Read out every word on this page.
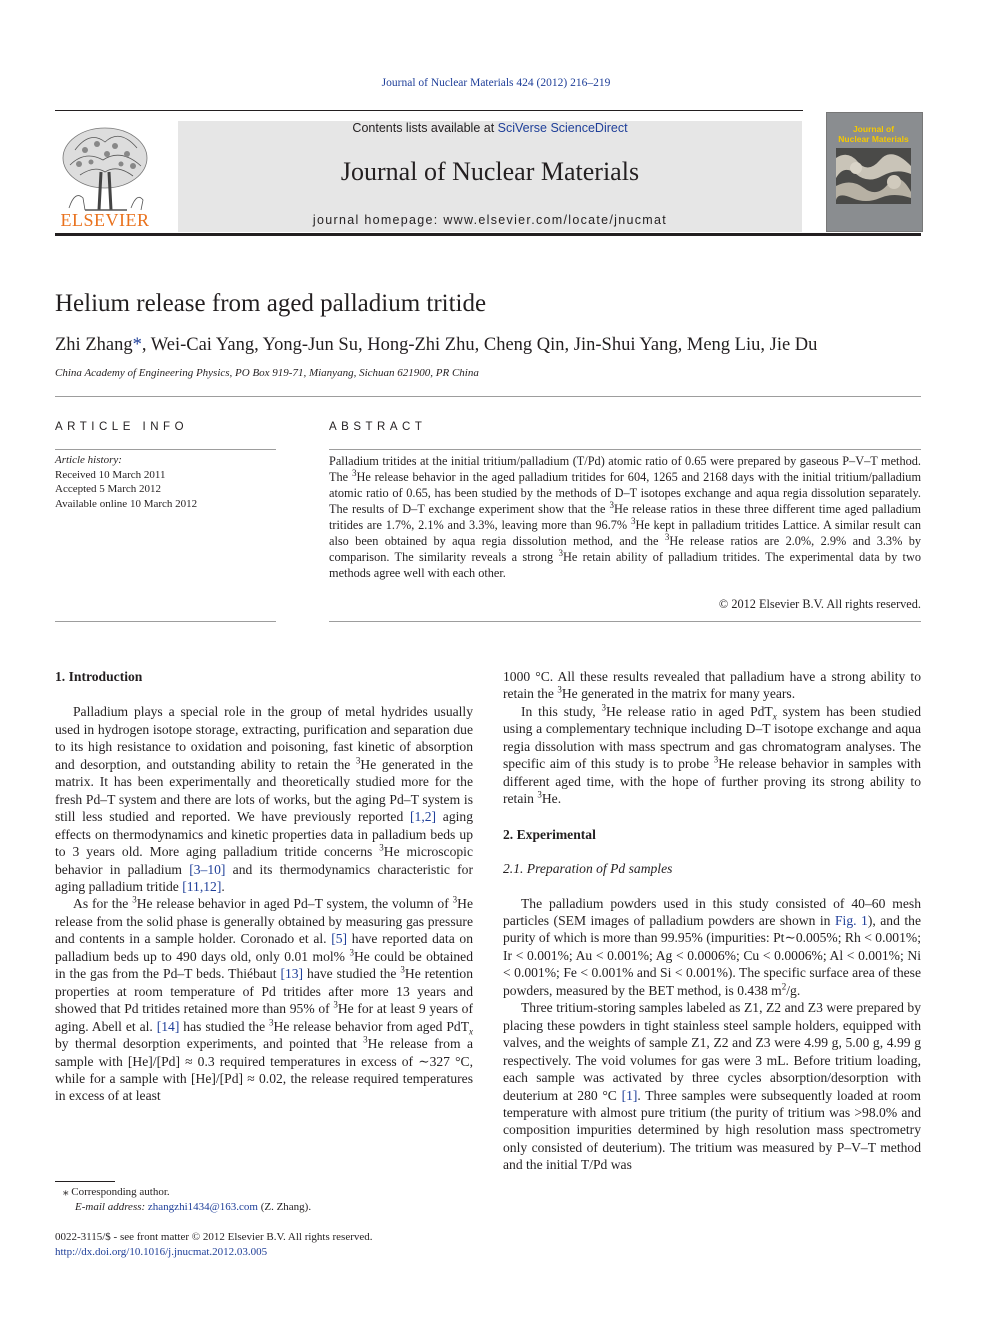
Journal of Nuclear Materials 424 (2012) 216–219
ELSEVIER
Contents lists available at SciVerse ScienceDirect
Journal of Nuclear Materials
journal homepage: www.elsevier.com/locate/jnucmat
Journal of
Nuclear Materials
Helium release from aged palladium tritide
Zhi Zhang*, Wei-Cai Yang, Yong-Jun Su, Hong-Zhi Zhu, Cheng Qin, Jin-Shui Yang, Meng Liu, Jie Du
China Academy of Engineering Physics, PO Box 919-71, Mianyang, Sichuan 621900, PR China
ARTICLE INFO
Article history:
Received 10 March 2011
Accepted 5 March 2012
Available online 10 March 2012
ABSTRACT
Palladium tritides at the initial tritium/palladium (T/Pd) atomic ratio of 0.65 were prepared by gaseous P–V–T method. The $^3$He release behavior in the aged palladium tritides for 604, 1265 and 2168 days with the initial tritium/palladium atomic ratio of 0.65, has been studied by the methods of D–T isotopes exchange and aqua regia dissolution separately. The results of D–T exchange experiment show that the $^3$He release ratios in these three different time aged palladium tritides are 1.7%, 2.1% and 3.3%, leaving more than 96.7% $^3$He kept in palladium tritides Lattice. A similar result can also been obtained by aqua regia dissolution method, and the $^3$He release ratios are 2.0%, 2.9% and 3.3% by comparison. The similarity reveals a strong $^3$He retain ability of palladium tritides. The experimental data by two methods agree well with each other.
© 2012 Elsevier B.V. All rights reserved.
1. Introduction

Palladium plays a special role in the group of metal hydrides usually used in hydrogen isotope storage, extracting, purification and separation due to its high resistance to oxidation and poisoning, fast kinetic of absorption and desorption, and outstanding ability to retain the $^3$He generated in the matrix. It has been experimentally and theoretically studied more for the fresh Pd–T system and there are lots of works, but the aging Pd–T system is still less studied and reported. We have previously reported [1,2] aging effects on thermodynamics and kinetic properties data in palladium beds up to 3 years old. More aging palladium tritide concerns $^3$He microscopic behavior in palladium [3–10] and its thermodynamics characteristic for aging palladium tritide [11,12].

As for the $^3$He release behavior in aged Pd–T system, the volumn of $^3$He release from the solid phase is generally obtained by measuring gas pressure and contents in a sample holder. Coronado et al. [5] have reported data on palladium beds up to 490 days old, only 0.01 mol% $^3$He could be obtained in the gas from the Pd–T beds. Thiébaut [13] have studied the $^3$He retention properties at room temperature of Pd tritides after more 13 years and showed that Pd tritides retained more than 95% of $^3$He for at least 9 years of aging. Abell et al. [14] has studied the $^3$He release behavior from aged PdT$_x$ by thermal desorption experiments, and pointed that $^3$He release from a sample with [He]/[Pd] ≈ 0.3 required temperatures in excess of ∼327 °C, while for a sample with [He]/[Pd] ≈ 0.02, the release required temperatures in excess of at least

1000 °C. All these results revealed that palladium have a strong ability to retain the $^3$He generated in the matrix for many years.

In this study, $^3$He release ratio in aged PdT$_x$ system has been studied using a complementary technique including D–T isotope exchange and aqua regia dissolution with mass spectrum and gas chromatogram analyses. The specific aim of this study is to probe $^3$He release behavior in samples with different aged time, with the hope of further proving its strong ability to retain $^3$He.

2. Experimental
2.1. Preparation of Pd samples

The palladium powders used in this study consisted of 40–60 mesh particles (SEM images of palladium powders are shown in Fig. 1), and the purity of which is more than 99.95% (impurities: Pt∼0.005%; Rh < 0.001%; Ir < 0.001%; Au < 0.001%; Ag < 0.0006%; Cu < 0.0006%; Al < 0.001%; Ni < 0.001%; Fe < 0.001% and Si < 0.001%). The specific surface area of these powders, measured by the BET method, is 0.438 $m^2/g$.

Three tritium-storing samples labeled as Z1, Z2 and Z3 were prepared by placing these powders in tight stainless steel sample holders, equipped with valves, and the weights of sample Z1, Z2 and Z3 were 4.99 g, 5.00 g, 4.99 g respectively. The void volumes for gas were 3 mL. Before tritium loading, each sample was activated by three cycles absorption/desorption with deuterium at 280 °C [1]. Three samples were subsequently loaded at room temperature with almost pure tritium (the purity of tritium was >98.0% and composition impurities determined by high resolution mass spectrometry only consisted of deuterium). The tritium was measured by P–V–T method and the initial T/Pd was

⁎ Corresponding author.
E-mail address: zhangzhi1434@163.com (Z. Zhang).
0022-3115/$ - see front matter © 2012 Elsevier B.V. All rights reserved.
http://dx.doi.org/10.1016/j.jnucmat.2012.03.005
